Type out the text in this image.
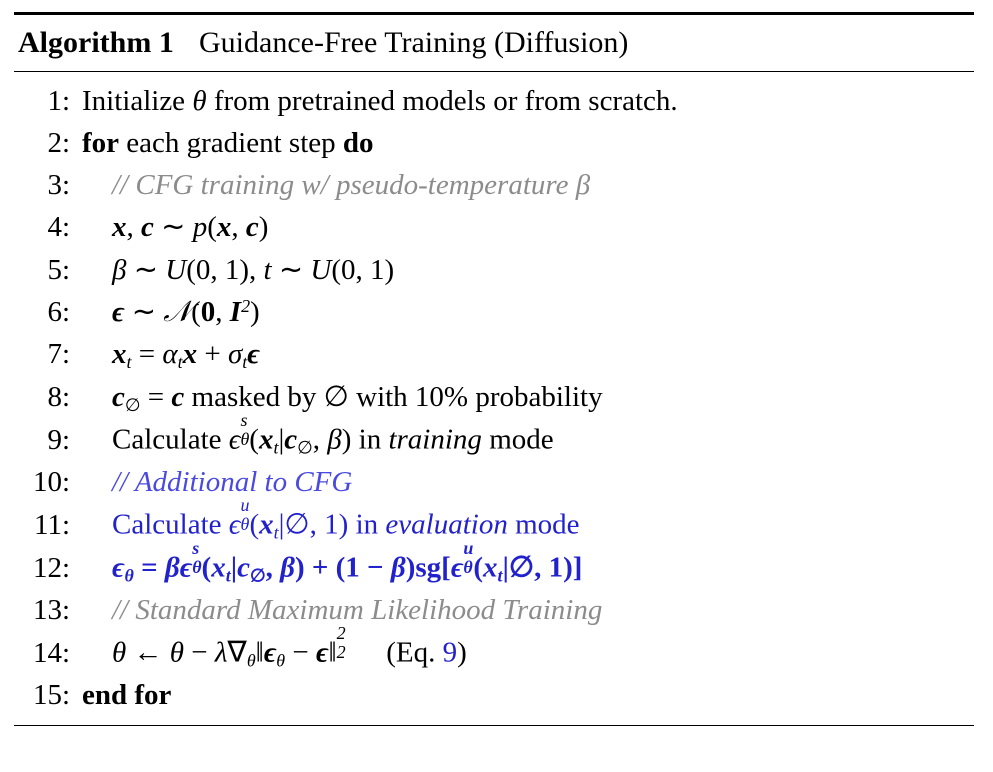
Algorithm 1 Guidance-Free Training (Diffusion)
1: Initialize θ from pretrained models or from scratch.
2: for each gradient step do
3:	// CFG training w/ pseudo-temperature β
4:	x, c ∼ p(x, c)
5:	β ∼ U(0, 1), t ∼ U(0, 1)
6:	ϵ ∼ 𝒩(0, $I^2$)
7:	$x_t = \alpha_tx + \sigma_t\epsilon$
8:	$c_\emptyset = c$ masked by ∅ with 10% probability
9:	Calculate ϵ
s
θ ($x_t|c_\emptyset$, β) in training mode
10:	// Additional to CFG
11:	Calculate ϵ
u
θ ($x_t|\emptyset$, 1) in evaluation mode
12:	$\epsilon_\theta = \beta\epsilon$
s
θ ($x_t|c_\emptyset$, β) + (1 − β)sg[ϵ
u
θ ($x_t|\emptyset$, 1)]
13:	// Standard Maximum Likelihood Training
14:	θ ← $\theta - \lambda\nabla_\theta‖\epsilon_\theta$ − ϵ‖
2
2 (Eq. 9)
15: end for
